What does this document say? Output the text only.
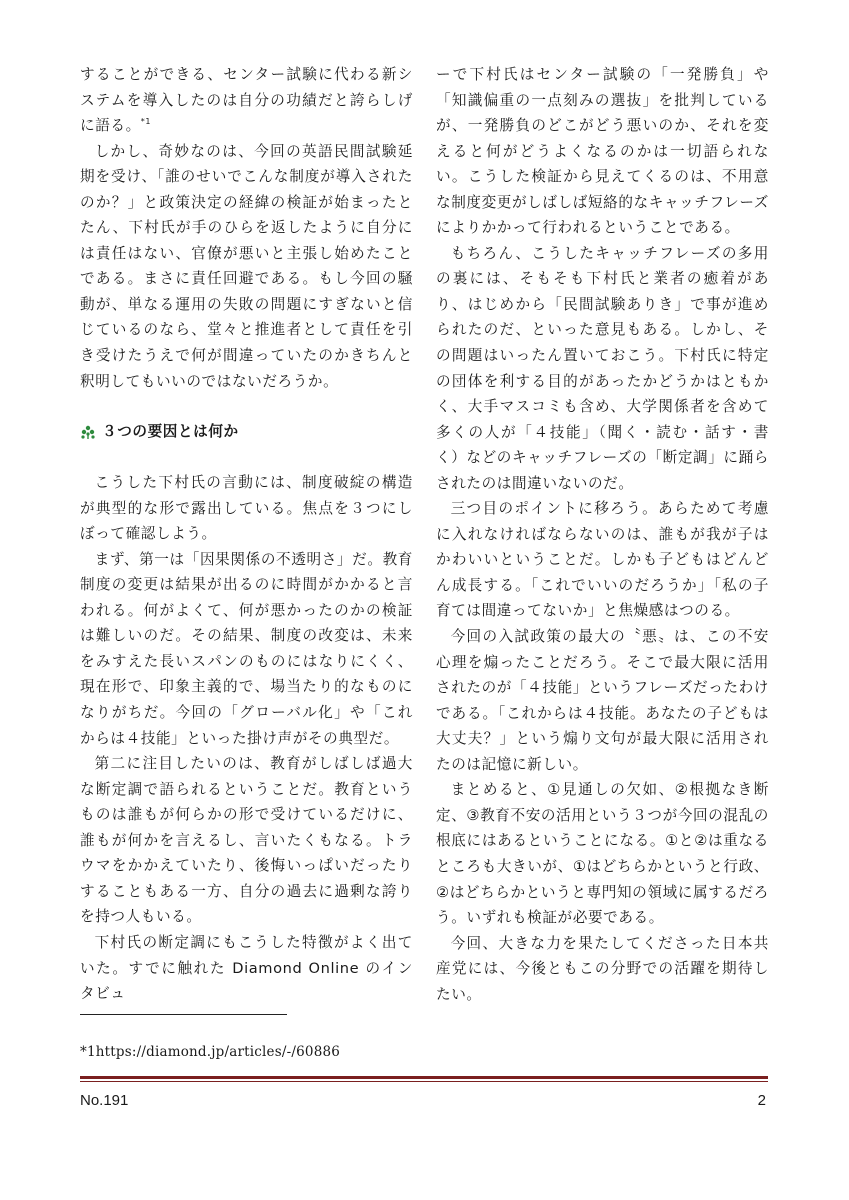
することができる、センター試験に代わる新システムを導入したのは自分の功績だと誇らしげに語る。$^{*1}$

しかし、奇妙なのは、今回の英語民間試験延期を受け、「誰のせいでこんな制度が導入されたのか？」と政策決定の経緯の検証が始まったとたん、下村氏が手のひらを返したように自分には責任はない、官僚が悪いと主張し始めたことである。まさに責任回避である。もし今回の騒動が、単なる運用の失敗の問題にすぎないと信じているのなら、堂々と推進者として責任を引き受けたうえで何が間違っていたのかきちんと釈明してもいいのではないだろうか。

３つの要因とは何か

こうした下村氏の言動には、制度破綻の構造が典型的な形で露出している。焦点を３つにしぼって確認しよう。

まず、第一は「因果関係の不透明さ」だ。教育制度の変更は結果が出るのに時間がかかると言われる。何がよくて、何が悪かったのかの検証は難しいのだ。その結果、制度の改変は、未来をみすえた長いスパンのものにはなりにくく、現在形で、印象主義的で、場当たり的なものになりがちだ。今回の「グローバル化」や「これからは４技能」といった掛け声がその典型だ。

第二に注目したいのは、教育がしばしば過大な断定調で語られるということだ。教育というものは誰もが何らかの形で受けているだけに、誰もが何かを言えるし、言いたくもなる。トラウマをかかえていたり、後悔いっぱいだったりすることもある一方、自分の過去に過剰な誇りを持つ人もいる。

下村氏の断定調にもこうした特徴がよく出ていた。すでに触れた Diamond Online のインタビュ

ーで下村氏はセンター試験の「一発勝負」や「知識偏重の一点刻みの選抜」を批判しているが、一発勝負のどこがどう悪いのか、それを変えると何がどうよくなるのかは一切語られない。こうした検証から見えてくるのは、不用意な制度変更がしばしば短絡的なキャッチフレーズによりかかって行われるということである。

もちろん、こうしたキャッチフレーズの多用の裏には、そもそも下村氏と業者の癒着があり、はじめから「民間試験ありき」で事が進められたのだ、といった意見もある。しかし、その問題はいったん置いておこう。下村氏に特定の団体を利する目的があったかどうかはともかく、大手マスコミも含め、大学関係者を含めて多くの人が「４技能」（聞く・読む・話す・書く）などのキャッチフレーズの「断定調」に踊らされたのは間違いないのだ。

三つ目のポイントに移ろう。あらためて考慮に入れなければならないのは、誰もが我が子はかわいいということだ。しかも子どもはどんどん成長する。「これでいいのだろうか」「私の子育ては間違ってないか」と焦燥感はつのる。

今回の入試政策の最大の〝悪〟は、この不安心理を煽ったことだろう。そこで最大限に活用されたのが「４技能」というフレーズだったわけである。「これからは４技能。あなたの子どもは大丈夫？」という煽り文句が最大限に活用されたのは記憶に新しい。

まとめると、①見通しの欠如、②根拠なき断定、③教育不安の活用という３つが今回の混乱の根底にはあるということになる。①と②は重なるところも大きいが、①はどちらかというと行政、②はどちらかというと専門知の領域に属するだろう。いずれも検証が必要である。

今回、大きな力を果たしてくださった日本共産党には、今後ともこの分野での活躍を期待したい。

*1https://diamond.jp/articles/-/60886
No.191	2
